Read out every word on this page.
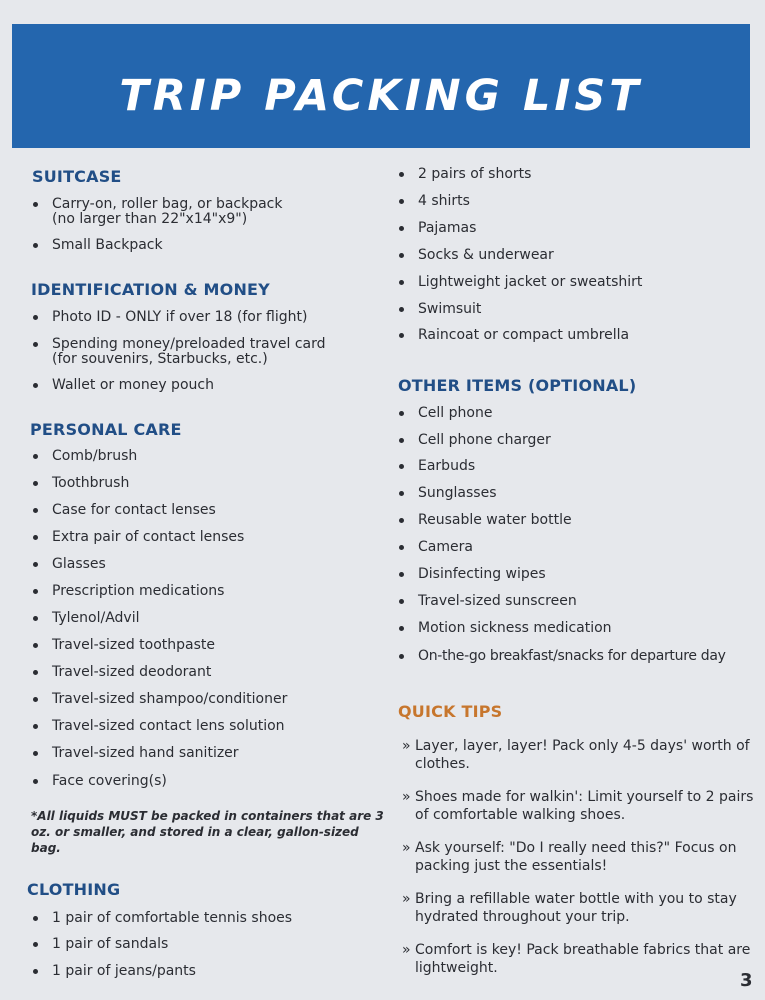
TRIP PACKING LIST
SUITCASE
Carry-on, roller bag, or backpack (no larger than 22"x14"x9")
Small Backpack
IDENTIFICATION & MONEY
Photo ID - ONLY if over 18 (for flight)
Spending money/preloaded travel card (for souvenirs, Starbucks, etc.)
Wallet or money pouch
PERSONAL CARE
Comb/brush
Toothbrush
Case for contact lenses
Extra pair of contact lenses
Glasses
Prescription medications
Tylenol/Advil
Travel-sized toothpaste
Travel-sized deodorant
Travel-sized shampoo/conditioner
Travel-sized contact lens solution
Travel-sized hand sanitizer
Face covering(s)

*All liquids MUST be packed in containers that are 3 oz. or smaller, and stored in a clear, gallon-sized bag.

CLOTHING
1 pair of comfortable tennis shoes
1 pair of sandals
1 pair of jeans/pants
2 pairs of shorts
4 shirts
Pajamas
Socks & underwear
Lightweight jacket or sweatshirt
Swimsuit
Raincoat or compact umbrella
OTHER ITEMS (OPTIONAL)
Cell phone
Cell phone charger
Earbuds
Sunglasses
Reusable water bottle
Camera
Disinfecting wipes
Travel-sized sunscreen
Motion sickness medication
On-the-go breakfast/snacks for departure day
QUICK TIPS
» Layer, layer, layer! Pack only 4-5 days' worth of clothes.
» Shoes made for walkin': Limit yourself to 2 pairs of comfortable walking shoes.
» Ask yourself: "Do I really need this?" Focus on packing just the essentials!
» Bring a refillable water bottle with you to stay hydrated throughout your trip.
» Comfort is key! Pack breathable fabrics that are lightweight.
3
